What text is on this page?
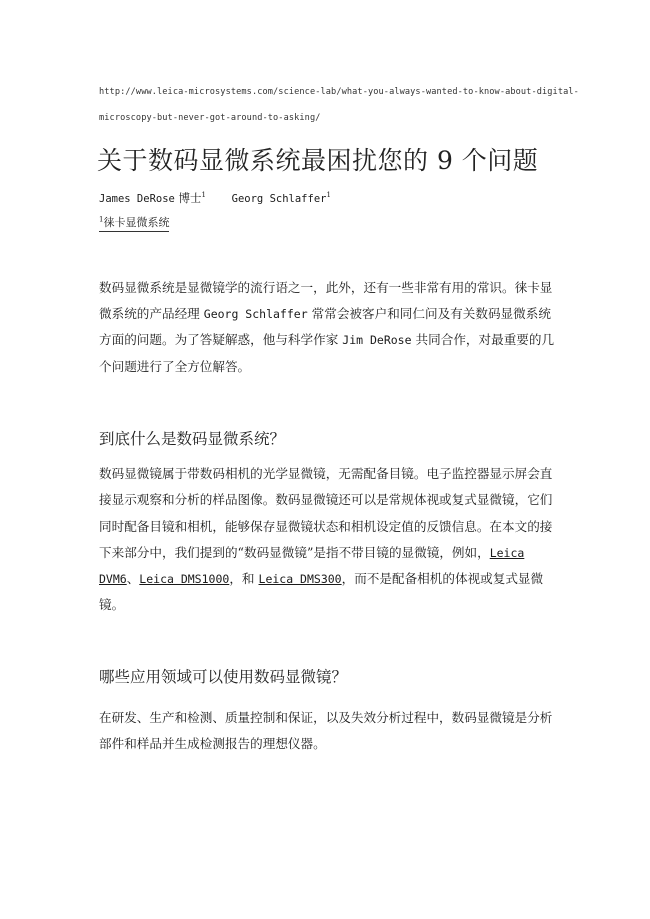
http://www.leica-microsystems.com/science-lab/what-you-always-wanted-to-know-about-digital-
microscopy-but-never-got-around-to-asking/
关于数码显微系统最困扰您的 9 个问题
James DeRose 博士$^1$ Georg Schlaffer$^1$
$^1$徕卡显微系统

数码显微系统是显微镜学的流行语之一，此外，还有一些非常有用的常识。徕卡显微系统的产品经理 Georg Schlaffer 常常会被客户和同仁问及有关数码显微系统方面的问题。为了答疑解惑，他与科学作家 Jim DeRose 共同合作，对最重要的几个问题进行了全方位解答。

到底什么是数码显微系统？

数码显微镜属于带数码相机的光学显微镜，无需配备目镜。电子监控器显示屏会直接显示观察和分析的样品图像。数码显微镜还可以是常规体视或复式显微镜，它们同时配备目镜和相机，能够保存显微镜状态和相机设定值的反馈信息。在本文的接下来部分中，我们提到的“数码显微镜”是指不带目镜的显微镜，例如，Leica DVM6、Leica DMS1000，和 Leica DMS300，而不是配备相机的体视或复式显微镜。

哪些应用领域可以使用数码显微镜？

在研发、生产和检测、质量控制和保证，以及失效分析过程中，数码显微镜是分析部件和样品并生成检测报告的理想仪器。
